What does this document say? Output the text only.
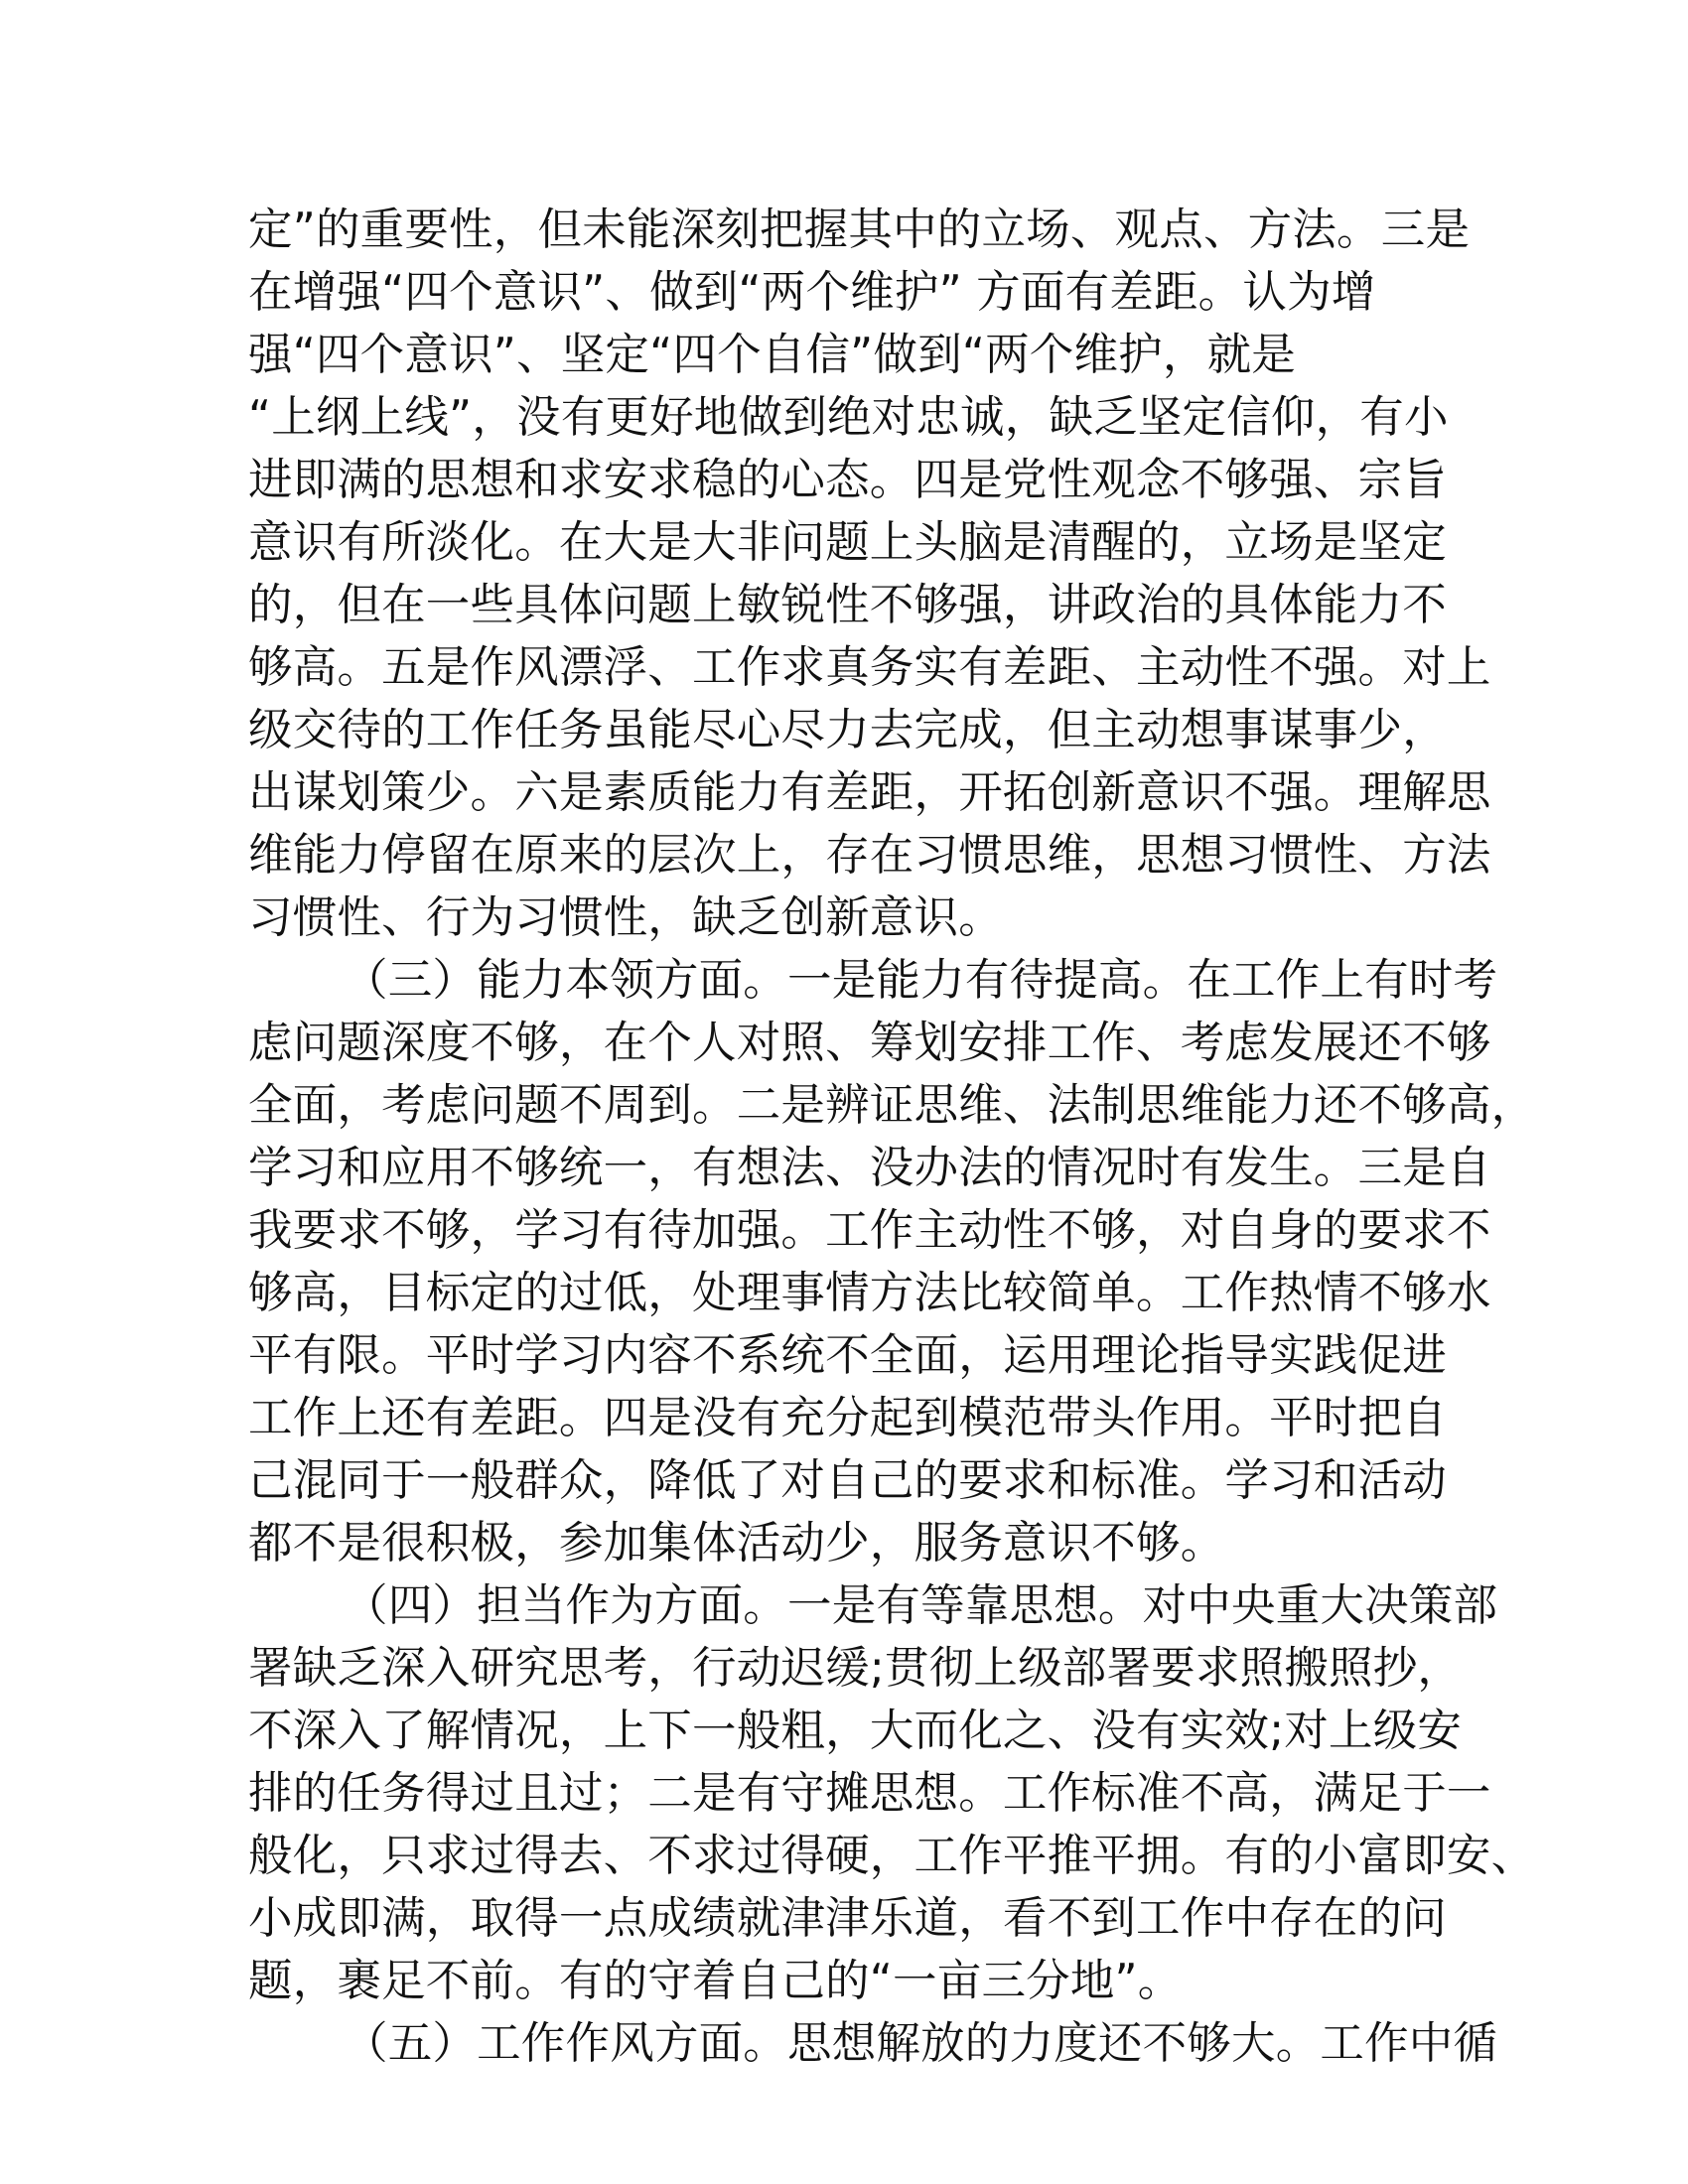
定”的重要性，但未能深刻把握其中的立场、观点、方法。三是
在增强“四个意识”、做到“两个维护” 方面有差距。认为增
强“四个意识”、坚定“四个自信”做到“两个维护，就是
“上纲上线”，没有更好地做到绝对忠诚，缺乏坚定信仰，有小
进即满的思想和求安求稳的心态。四是党性观念不够强、宗旨
意识有所淡化。在大是大非问题上头脑是清醒的，立场是坚定
的，但在一些具体问题上敏锐性不够强，讲政治的具体能力不
够高。五是作风漂浮、工作求真务实有差距、主动性不强。对上
级交待的工作任务虽能尽心尽力去完成，但主动想事谋事少，
出谋划策少。六是素质能力有差距，开拓创新意识不强。理解思
维能力停留在原来的层次上，存在习惯思维，思想习惯性、方法
习惯性、行为习惯性，缺乏创新意识。
（三）能力本领方面。一是能力有待提高。在工作上有时考
虑问题深度不够，在个人对照、筹划安排工作、考虑发展还不够
全面，考虑问题不周到。二是辨证思维、法制思维能力还不够高，
学习和应用不够统一，有想法、没办法的情况时有发生。三是自
我要求不够，学习有待加强。工作主动性不够，对自身的要求不
够高，目标定的过低，处理事情方法比较简单。工作热情不够水
平有限。平时学习内容不系统不全面，运用理论指导实践促进
工作上还有差距。四是没有充分起到模范带头作用。平时把自
己混同于一般群众，降低了对自己的要求和标准。学习和活动
都不是很积极，参加集体活动少，服务意识不够。
（四）担当作为方面。一是有等靠思想。对中央重大决策部
署缺乏深入研究思考，行动迟缓;贯彻上级部署要求照搬照抄，
不深入了解情况，上下一般粗，大而化之、没有实效;对上级安
排的任务得过且过；二是有守摊思想。工作标准不高，满足于一
般化，只求过得去、不求过得硬，工作平推平拥。有的小富即安、
小成即满，取得一点成绩就津津乐道，看不到工作中存在的问
题，裹足不前。有的守着自己的“一亩三分地”。
（五）工作作风方面。思想解放的力度还不够大。工作中循
